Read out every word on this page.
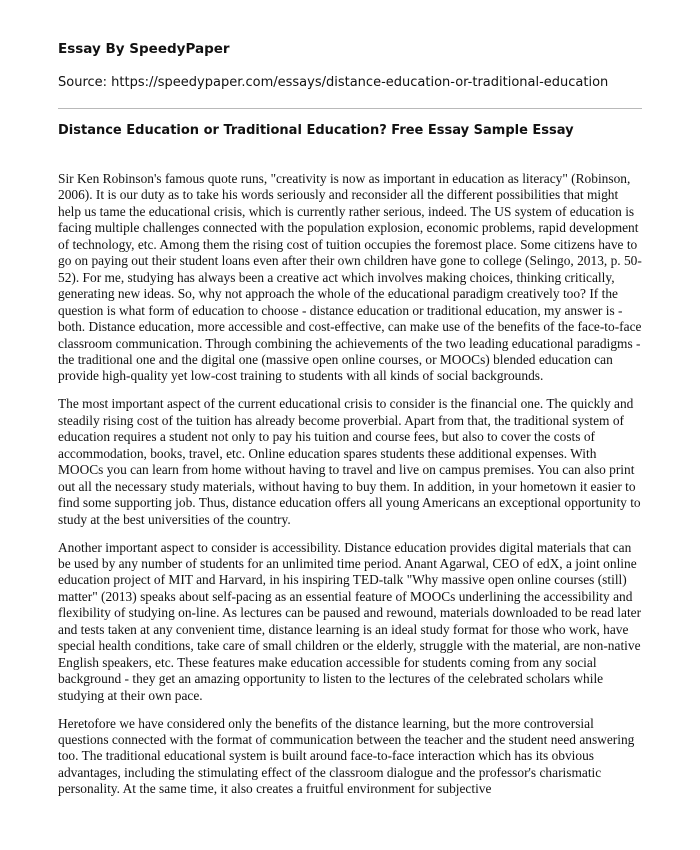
Essay By SpeedyPaper

Source: https://speedypaper.com/essays/distance-education-or-traditional-education

Distance Education or Traditional Education? Free Essay Sample Essay

Sir Ken Robinson's famous quote runs, "creativity is now as important in education as literacy" (Robinson, 2006). It is our duty as to take his words seriously and reconsider all the different possibilities that might help us tame the educational crisis, which is currently rather serious, indeed. The US system of education is facing multiple challenges connected with the population explosion, economic problems, rapid development of technology, etc. Among them the rising cost of tuition occupies the foremost place. Some citizens have to go on paying out their student loans even after their own children have gone to college (Selingo, 2013, p. 50-52). For me, studying has always been a creative act which involves making choices, thinking critically, generating new ideas. So, why not approach the whole of the educational paradigm creatively too? If the question is what form of education to choose - distance education or traditional education, my answer is - both. Distance education, more accessible and cost-effective, can make use of the benefits of the face-to-face classroom communication. Through combining the achievements of the two leading educational paradigms - the traditional one and the digital one (massive open online courses, or MOOCs) blended education can provide high-quality yet low-cost training to students with all kinds of social backgrounds.

The most important aspect of the current educational crisis to consider is the financial one. The quickly and steadily rising cost of the tuition has already become proverbial. Apart from that, the traditional system of education requires a student not only to pay his tuition and course fees, but also to cover the costs of accommodation, books, travel, etc. Online education spares students these additional expenses. With MOOCs you can learn from home without having to travel and live on campus premises. You can also print out all the necessary study materials, without having to buy them. In addition, in your hometown it easier to find some supporting job. Thus, distance education offers all young Americans an exceptional opportunity to study at the best universities of the country.

Another important aspect to consider is accessibility. Distance education provides digital materials that can be used by any number of students for an unlimited time period. Anant Agarwal, CEO of edX, a joint online education project of MIT and Harvard, in his inspiring TED-talk "Why massive open online courses (still) matter" (2013) speaks about self-pacing as an essential feature of MOOCs underlining the accessibility and flexibility of studying on-line. As lectures can be paused and rewound, materials downloaded to be read later and tests taken at any convenient time, distance learning is an ideal study format for those who work, have special health conditions, take care of small children or the elderly, struggle with the material, are non-native English speakers, etc. These features make education accessible for students coming from any social background - they get an amazing opportunity to listen to the lectures of the celebrated scholars while studying at their own pace.

Heretofore we have considered only the benefits of the distance learning, but the more controversial questions connected with the format of communication between the teacher and the student need answering too. The traditional educational system is built around face-to-face interaction which has its obvious advantages, including the stimulating effect of the classroom dialogue and the professor's charismatic personality. At the same time, it also creates a fruitful environment for subjective
